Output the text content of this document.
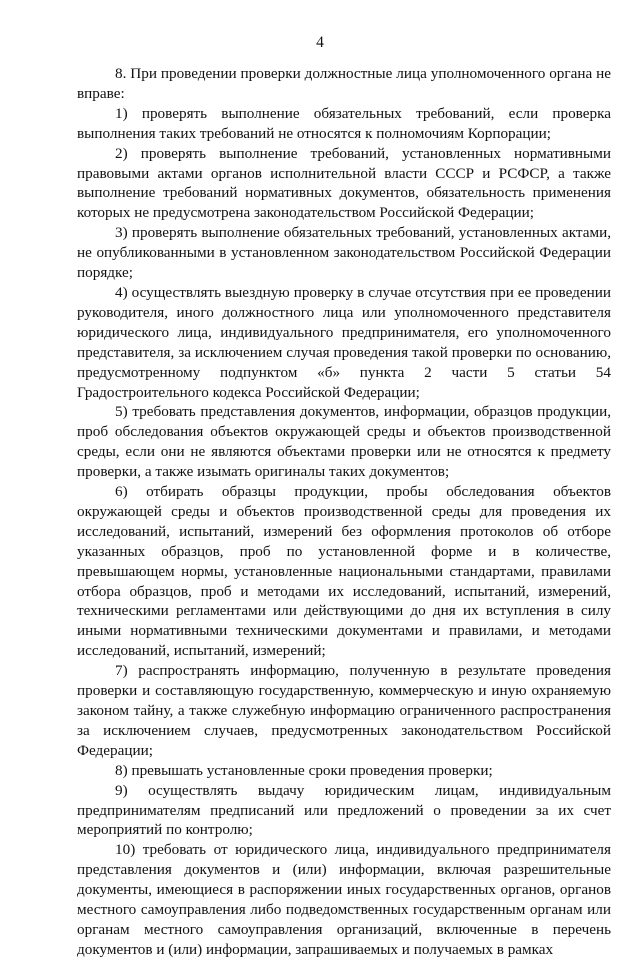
4

8. При проведении проверки должностные лица уполномоченного органа не вправе:

1) проверять выполнение обязательных требований, если проверка выполнения таких требований не относятся к полномочиям Корпорации;

2) проверять выполнение требований, установленных нормативными правовыми актами органов исполнительной власти СССР и РСФСР, а также выполнение требований нормативных документов, обязательность применения которых не предусмотрена законодательством Российской Федерации;

3) проверять выполнение обязательных требований, установленных актами, не опубликованными в установленном законодательством Российской Федерации порядке;

4) осуществлять выездную проверку в случае отсутствия при ее проведении руководителя, иного должностного лица или уполномоченного представителя юридического лица, индивидуального предпринимателя, его уполномоченного представителя, за исключением случая проведения такой проверки по основанию, предусмотренному подпунктом «б» пункта 2 части 5 статьи 54 Градостроительного кодекса Российской Федерации;

5) требовать представления документов, информации, образцов продукции, проб обследования объектов окружающей среды и объектов производственной среды, если они не являются объектами проверки или не относятся к предмету проверки, а также изымать оригиналы таких документов;

6) отбирать образцы продукции, пробы обследования объектов окружающей среды и объектов производственной среды для проведения их исследований, испытаний, измерений без оформления протоколов об отборе указанных образцов, проб по установленной форме и в количестве, превышающем нормы, установленные национальными стандартами, правилами отбора образцов, проб и методами их исследований, испытаний, измерений, техническими регламентами или действующими до дня их вступления в силу иными нормативными техническими документами и правилами, и методами исследований, испытаний, измерений;

7) распространять информацию, полученную в результате проведения проверки и составляющую государственную, коммерческую и иную охраняемую законом тайну, а также служебную информацию ограниченного распространения за исключением случаев, предусмотренных законодательством Российской Федерации;

8) превышать установленные сроки проведения проверки;

9) осуществлять выдачу юридическим лицам, индивидуальным предпринимателям предписаний или предложений о проведении за их счет мероприятий по контролю;

10) требовать от юридического лица, индивидуального предпринимателя представления документов и (или) информации, включая разрешительные документы, имеющиеся в распоряжении иных государственных органов, органов местного самоуправления либо подведомственных государственным органам или органам местного самоуправления организаций, включенные в перечень документов и (или) информации, запрашиваемых и получаемых в рамках
